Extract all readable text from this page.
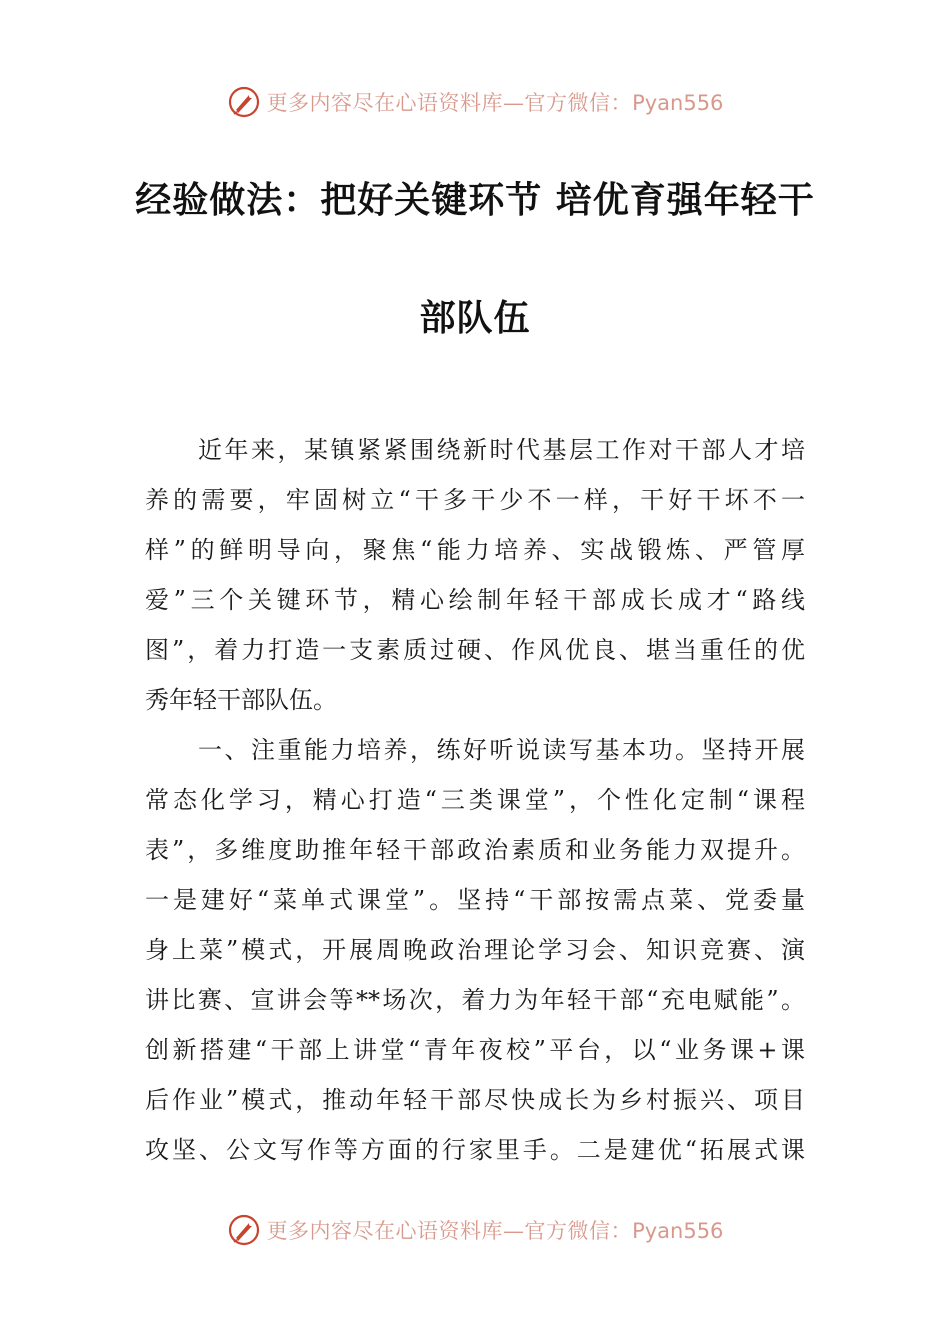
更多内容尽在心语资料库—官方微信：Pyan556
经验做法：把好关键环节 培优育强年轻干
部队伍
近年来，某镇紧紧围绕新时代基层工作对干部人才培
养的需要，牢固树立“干多干少不一样，干好干坏不一
样”的鲜明导向，聚焦“能力培养、实战锻炼、严管厚
爱”三个关键环节，精心绘制年轻干部成长成才“路线
图”，着力打造一支素质过硬、作风优良、堪当重任的优
秀年轻干部队伍。
一、注重能力培养，练好听说读写基本功。坚持开展
常态化学习，精心打造“三类课堂”，个性化定制“课程
表”，多维度助推年轻干部政治素质和业务能力双提升。
一是建好“菜单式课堂”。坚持“干部按需点菜、党委量
身上菜”模式，开展周晚政治理论学习会、知识竞赛、演
讲比赛、宣讲会等**场次，着力为年轻干部“充电赋能”。
创新搭建“干部上讲堂“青年夜校”平台，以“业务课+课
后作业”模式，推动年轻干部尽快成长为乡村振兴、项目
攻坚、公文写作等方面的行家里手。二是建优“拓展式课
更多内容尽在心语资料库—官方微信：Pyan556
